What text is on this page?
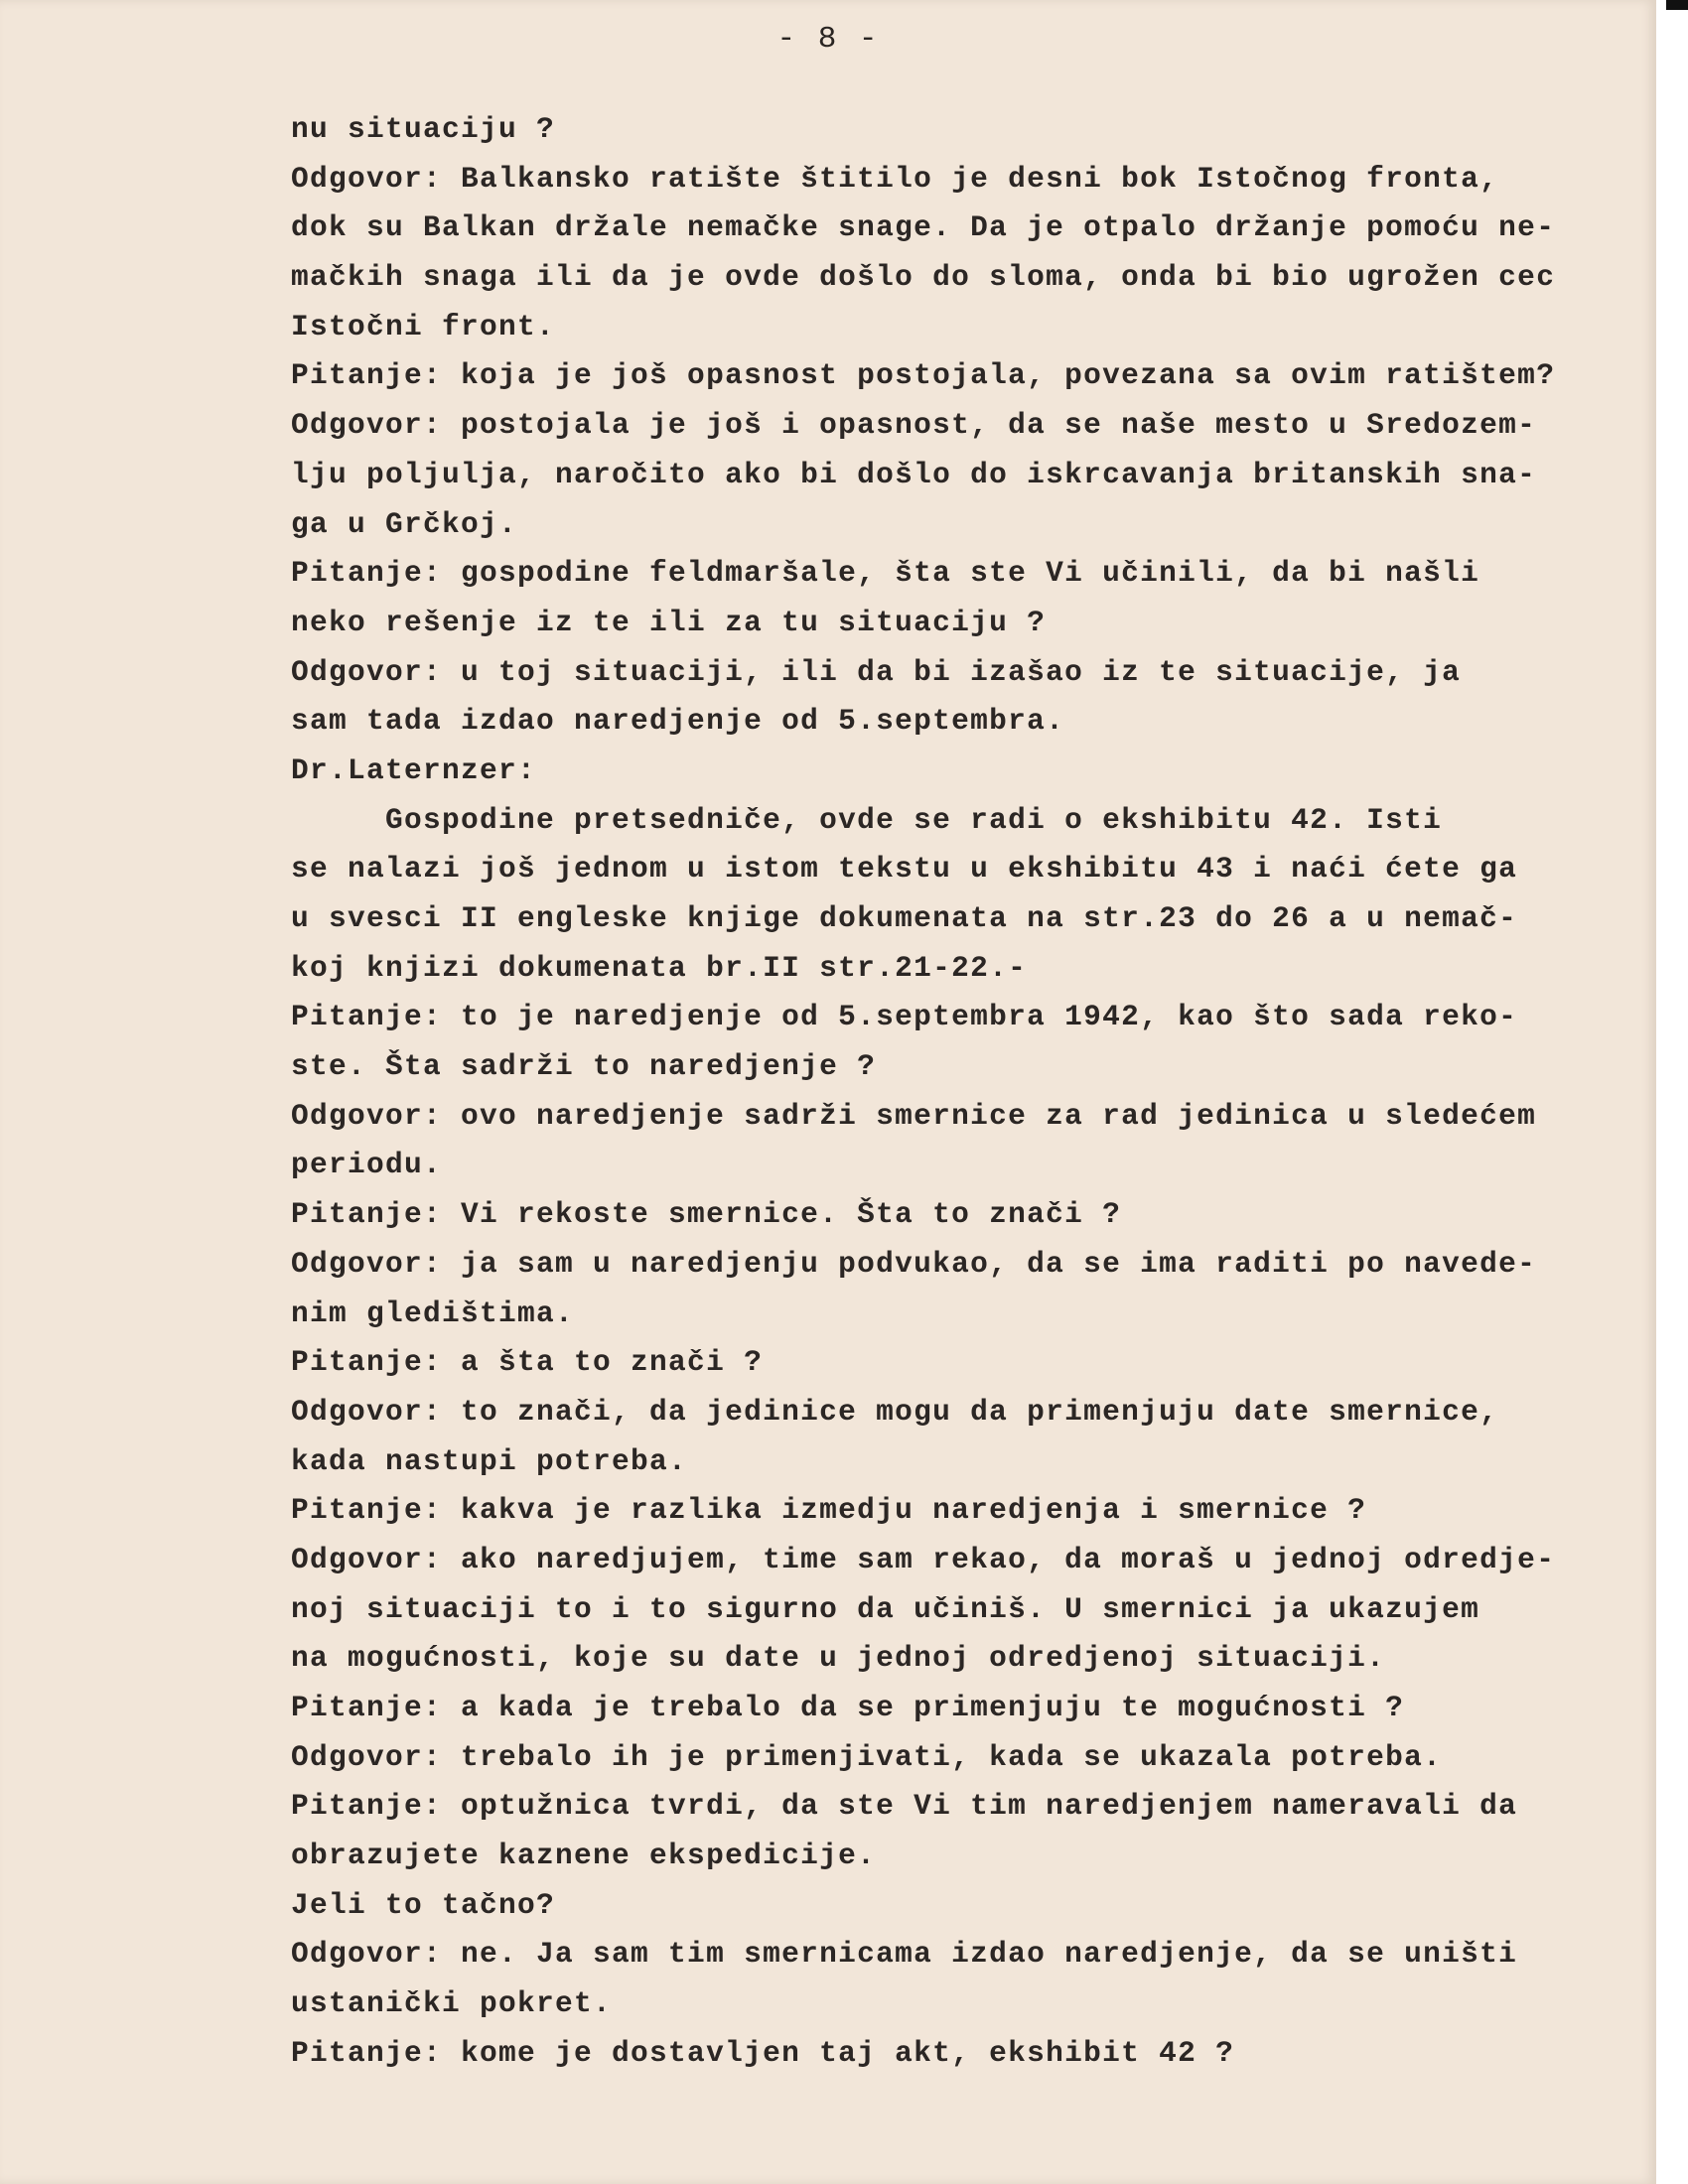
- 8 -
nu situaciju ?
Odgovor: Balkansko ratište štitilo je desni bok Istočnog fronta,
dok su Balkan držale nemačke snage. Da je otpalo držanje pomoću ne-
mačkih snaga ili da je ovde došlo do sloma, onda bi bio ugrožen cec
Istočni front.
Pitanje: koja je još opasnost postojala, povezana sa ovim ratištem?
Odgovor: postojala je još i opasnost, da se naše mesto u Sredozem-
lju poljulja, naročito ako bi došlo do iskrcavanja britanskih sna-
ga u Grčkoj.
Pitanje: gospodine feldmaršale, šta ste Vi učinili, da bi našli
neko rešenje iz te ili za tu situaciju ?
Odgovor: u toj situaciji, ili da bi izašao iz te situacije, ja
sam tada izdao naredjenje od 5.septembra.
Dr.Laternzer:
Gospodine pretsedniče, ovde se radi o ekshibitu 42. Isti
se nalazi još jednom u istom tekstu u ekshibitu 43 i naći ćete ga
u svesci II engleske knjige dokumenata na str.23 do 26 a u nemač-
koj knjizi dokumenata br.II str.21-22.-
Pitanje: to je naredjenje od 5.septembra 1942, kao što sada reko-
ste. Šta sadrži to naredjenje ?
Odgovor: ovo naredjenje sadrži smernice za rad jedinica u sledećem
periodu.
Pitanje: Vi rekoste smernice. Šta to znači ?
Odgovor: ja sam u naredjenju podvukao, da se ima raditi po navede-
nim gledištima.
Pitanje: a šta to znači ?
Odgovor: to znači, da jedinice mogu da primenjuju date smernice,
kada nastupi potreba.
Pitanje: kakva je razlika izmedju naredjenja i smernice ?
Odgovor: ako naredjujem, time sam rekao, da moraš u jednoj odredje-
noj situaciji to i to sigurno da učiniš. U smernici ja ukazujem
na mogućnosti, koje su date u jednoj odredjenoj situaciji.
Pitanje: a kada je trebalo da se primenjuju te mogućnosti ?
Odgovor: trebalo ih je primenjivati, kada se ukazala potreba.
Pitanje: optužnica tvrdi, da ste Vi tim naredjenjem nameravali da
obrazujete kaznene ekspedicije.
Jeli to tačno?
Odgovor: ne. Ja sam tim smernicama izdao naredjenje, da se uništi
ustanički pokret.
Pitanje: kome je dostavljen taj akt, ekshibit 42 ?
